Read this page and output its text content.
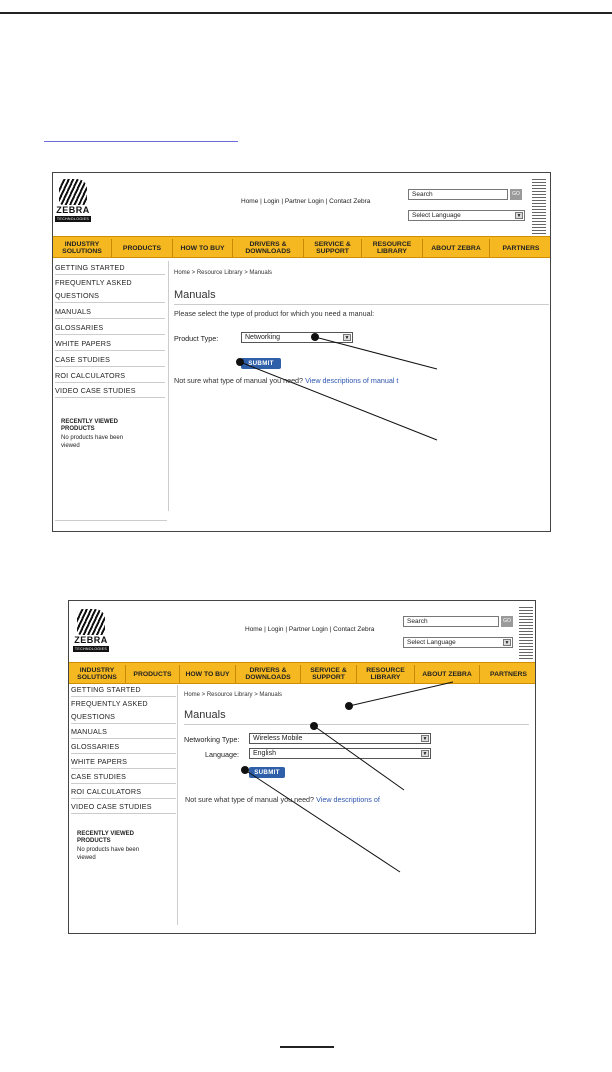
ZEBRA
TECHNOLOGIES
Home | Login | Partner Login | Contact Zebra
Search	GO
Select Language	▼
INDUSTRY
SOLUTIONS	PRODUCTS	HOW TO BUY	DRIVERS &
DOWNLOADS
SERVICE &
SUPPORT
RESOURCE
LIBRARY	ABOUT ZEBRA	PARTNERS
GETTING STARTED
FREQUENTLY ASKED
QUESTIONS
MANUALS
GLOSSARIES
WHITE PAPERS
CASE STUDIES
ROI CALCULATORS
VIDEO CASE STUDIES
RECENTLY VIEWED
PRODUCTS
No products have been
viewed
Home > Resource Library > Manuals
Manuals
Please select the type of product for which you need a manual:
Product Type:	Networking	▼
SUBMIT
Not sure what type of manual you need? View descriptions of manual t
ZEBRA
TECHNOLOGIES
Home | Login | Partner Login | Contact Zebra
Search	GO
Select Language	▼
INDUSTRY
SOLUTIONS PRODUCTS HOW TO BUY	DRIVERS &
DOWNLOADS
SERVICE &
SUPPORT
RESOURCE
LIBRARY	ABOUT ZEBRA	PARTNERS
GETTING STARTED
FREQUENTLY ASKED
QUESTIONS
MANUALS
GLOSSARIES
WHITE PAPERS
CASE STUDIES
ROI CALCULATORS
VIDEO CASE STUDIES
RECENTLY VIEWED
PRODUCTS
No products have been
viewed
Home > Resource Library > Manuals
Manuals
Networking Type:	Wireless Mobile	▼
Language:	English	▼
SUBMIT
Not sure what type of manual you need? View descriptions of
